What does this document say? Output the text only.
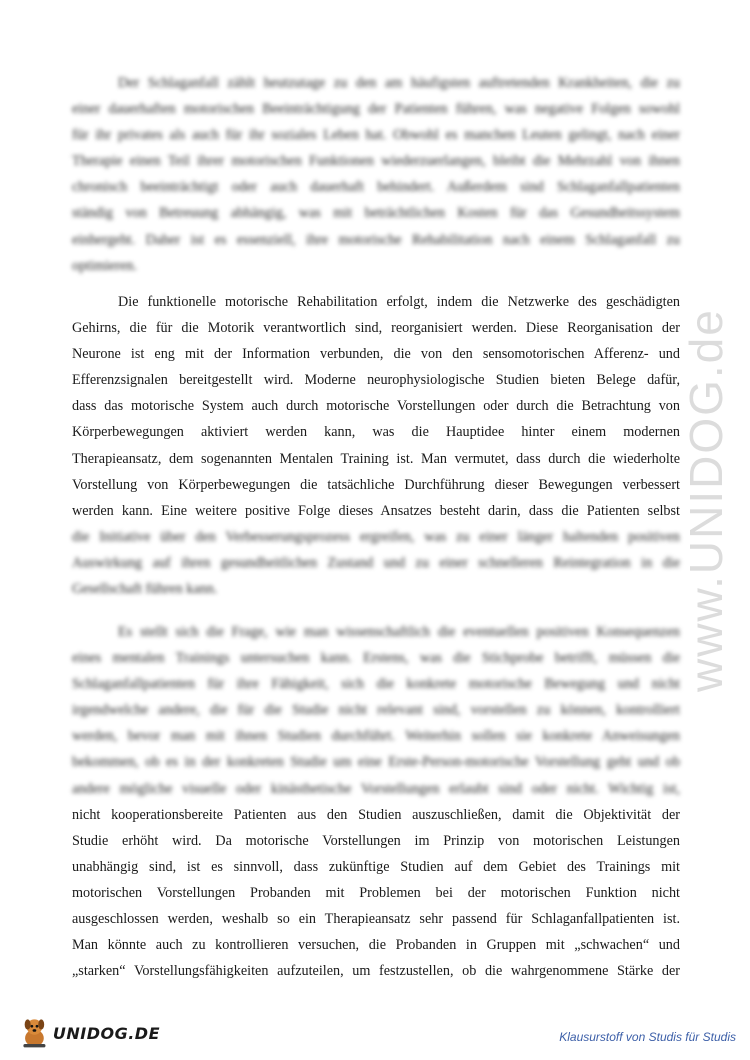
www.UNIDOG.de
Der Schlaganfall zählt heutzutage zu den am häufigsten auftretenden Krankheiten, die zu
einer dauerhaften motorischen Beeinträchtigung der Patienten führen, was negative Folgen sowohl
für ihr privates als auch für ihr soziales Leben hat. Obwohl es manchen Leuten gelingt, nach einer
Therapie einen Teil ihrer motorischen Funktionen wiederzuerlangen, bleibt die Mehrzahl von ihnen
chronisch beeinträchtigt oder auch dauerhaft behindert. Außerdem sind Schlaganfallpatienten
ständig von Betreuung abhängig, was mit beträchtlichen Kosten für das Gesundheitssystem
einhergeht. Daher ist es essenziell, ihre motorische Rehabilitation nach einem Schlaganfall zu
optimieren.
Die funktionelle motorische Rehabilitation erfolgt, indem die Netzwerke des geschädigten
Gehirns, die für die Motorik verantwortlich sind, reorganisiert werden. Diese Reorganisation der
Neurone ist eng mit der Information verbunden, die von den sensomotorischen Afferenz- und
Efferenzsignalen bereitgestellt wird. Moderne neurophysiologische Studien bieten Belege dafür,
dass das motorische System auch durch motorische Vorstellungen oder durch die Betrachtung von
Körperbewegungen aktiviert werden kann, was die Hauptidee hinter einem modernen
Therapieansatz, dem sogenannten Mentalen Training ist. Man vermutet, dass durch die wiederholte
Vorstellung von Körperbewegungen die tatsächliche Durchführung dieser Bewegungen verbessert
werden kann. Eine weitere positive Folge dieses Ansatzes besteht darin, dass die Patienten selbst
die Initiative über den Verbesserungsprozess ergreifen, was zu einer länger haltenden positiven
Auswirkung auf ihren gesundheitlichen Zustand und zu einer schnelleren Reintegration in die
Gesellschaft führen kann.
Es stellt sich die Frage, wie man wissenschaftlich die eventuellen positiven Konsequenzen
eines mentalen Trainings untersuchen kann. Erstens, was die Stichprobe betrifft, müssen die
Schlaganfallpatienten für ihre Fähigkeit, sich die konkrete motorische Bewegung und nicht
irgendwelche andere, die für die Studie nicht relevant sind, vorstellen zu können, kontrolliert
werden, bevor man mit ihnen Studien durchführt. Weiterhin sollen sie konkrete Anweisungen
bekommen, ob es in der konkreten Studie um eine Erste-Person-motorische Vorstellung geht und ob
andere mögliche visuelle oder kinästhetische Vorstellungen erlaubt sind oder nicht. Wichtig ist,
nicht kooperationsbereite Patienten aus den Studien auszuschließen, damit die Objektivität der
Studie erhöht wird. Da motorische Vorstellungen im Prinzip von motorischen Leistungen
unabhängig sind, ist es sinnvoll, dass zukünftige Studien auf dem Gebiet des Trainings mit
motorischen Vorstellungen Probanden mit Problemen bei der motorischen Funktion nicht
ausgeschlossen werden, weshalb so ein Therapieansatz sehr passend für Schlaganfallpatienten ist.
Man könnte auch zu kontrollieren versuchen, die Probanden in Gruppen mit „schwachen“ und
„starken“ Vorstellungsfähigkeiten aufzuteilen, um festzustellen, ob die wahrgenommene Stärke der
UNIDOG.DE	Klausurstoff von Studis für Studis
